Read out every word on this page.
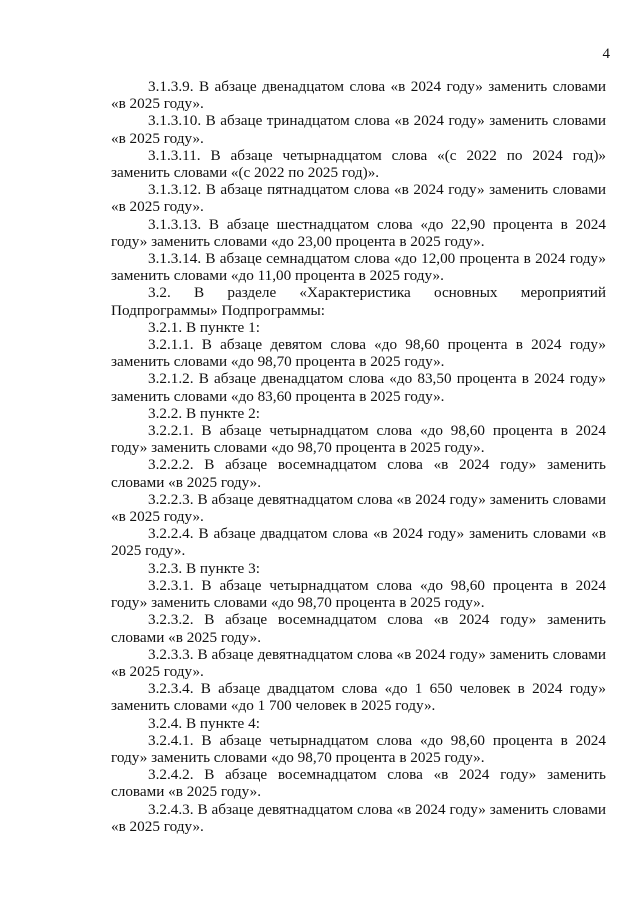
4

3.1.3.9. В абзаце двенадцатом слова «в 2024 году» заменить словами «в 2025 году».

3.1.3.10. В абзаце тринадцатом слова «в 2024 году» заменить словами «в 2025 году».

3.1.3.11. В абзаце четырнадцатом слова «(с 2022 по 2024 год)» заменить словами «(с 2022 по 2025 год)».

3.1.3.12. В абзаце пятнадцатом слова «в 2024 году» заменить словами «в 2025 году».

3.1.3.13. В абзаце шестнадцатом слова «до 22,90 процента в 2024 году» заменить словами «до 23,00 процента в 2025 году».

3.1.3.14. В абзаце семнадцатом слова «до 12,00 процента в 2024 году» заменить словами «до 11,00 процента в 2025 году».

3.2. В разделе «Характеристика основных мероприятий Подпрограммы» Подпрограммы:

3.2.1. В пункте 1:

3.2.1.1. В абзаце девятом слова «до 98,60 процента в 2024 году» заменить словами «до 98,70 процента в 2025 году».

3.2.1.2. В абзаце двенадцатом слова «до 83,50 процента в 2024 году» заменить словами «до 83,60 процента в 2025 году».

3.2.2. В пункте 2:

3.2.2.1. В абзаце четырнадцатом слова «до 98,60 процента в 2024 году» заменить словами «до 98,70 процента в 2025 году».

3.2.2.2. В абзаце восемнадцатом слова «в 2024 году» заменить словами «в 2025 году».

3.2.2.3. В абзаце девятнадцатом слова «в 2024 году» заменить словами «в 2025 году».

3.2.2.4. В абзаце двадцатом слова «в 2024 году» заменить словами «в 2025 году».

3.2.3. В пункте 3:

3.2.3.1. В абзаце четырнадцатом слова «до 98,60 процента в 2024 году» заменить словами «до 98,70 процента в 2025 году».

3.2.3.2. В абзаце восемнадцатом слова «в 2024 году» заменить словами «в 2025 году».

3.2.3.3. В абзаце девятнадцатом слова «в 2024 году» заменить словами «в 2025 году».

3.2.3.4. В абзаце двадцатом слова «до 1 650 человек в 2024 году» заменить словами «до 1 700 человек в 2025 году».

3.2.4. В пункте 4:

3.2.4.1. В абзаце четырнадцатом слова «до 98,60 процента в 2024 году» заменить словами «до 98,70 процента в 2025 году».

3.2.4.2. В абзаце восемнадцатом слова «в 2024 году» заменить словами «в 2025 году».

3.2.4.3. В абзаце девятнадцатом слова «в 2024 году» заменить словами «в 2025 году».
